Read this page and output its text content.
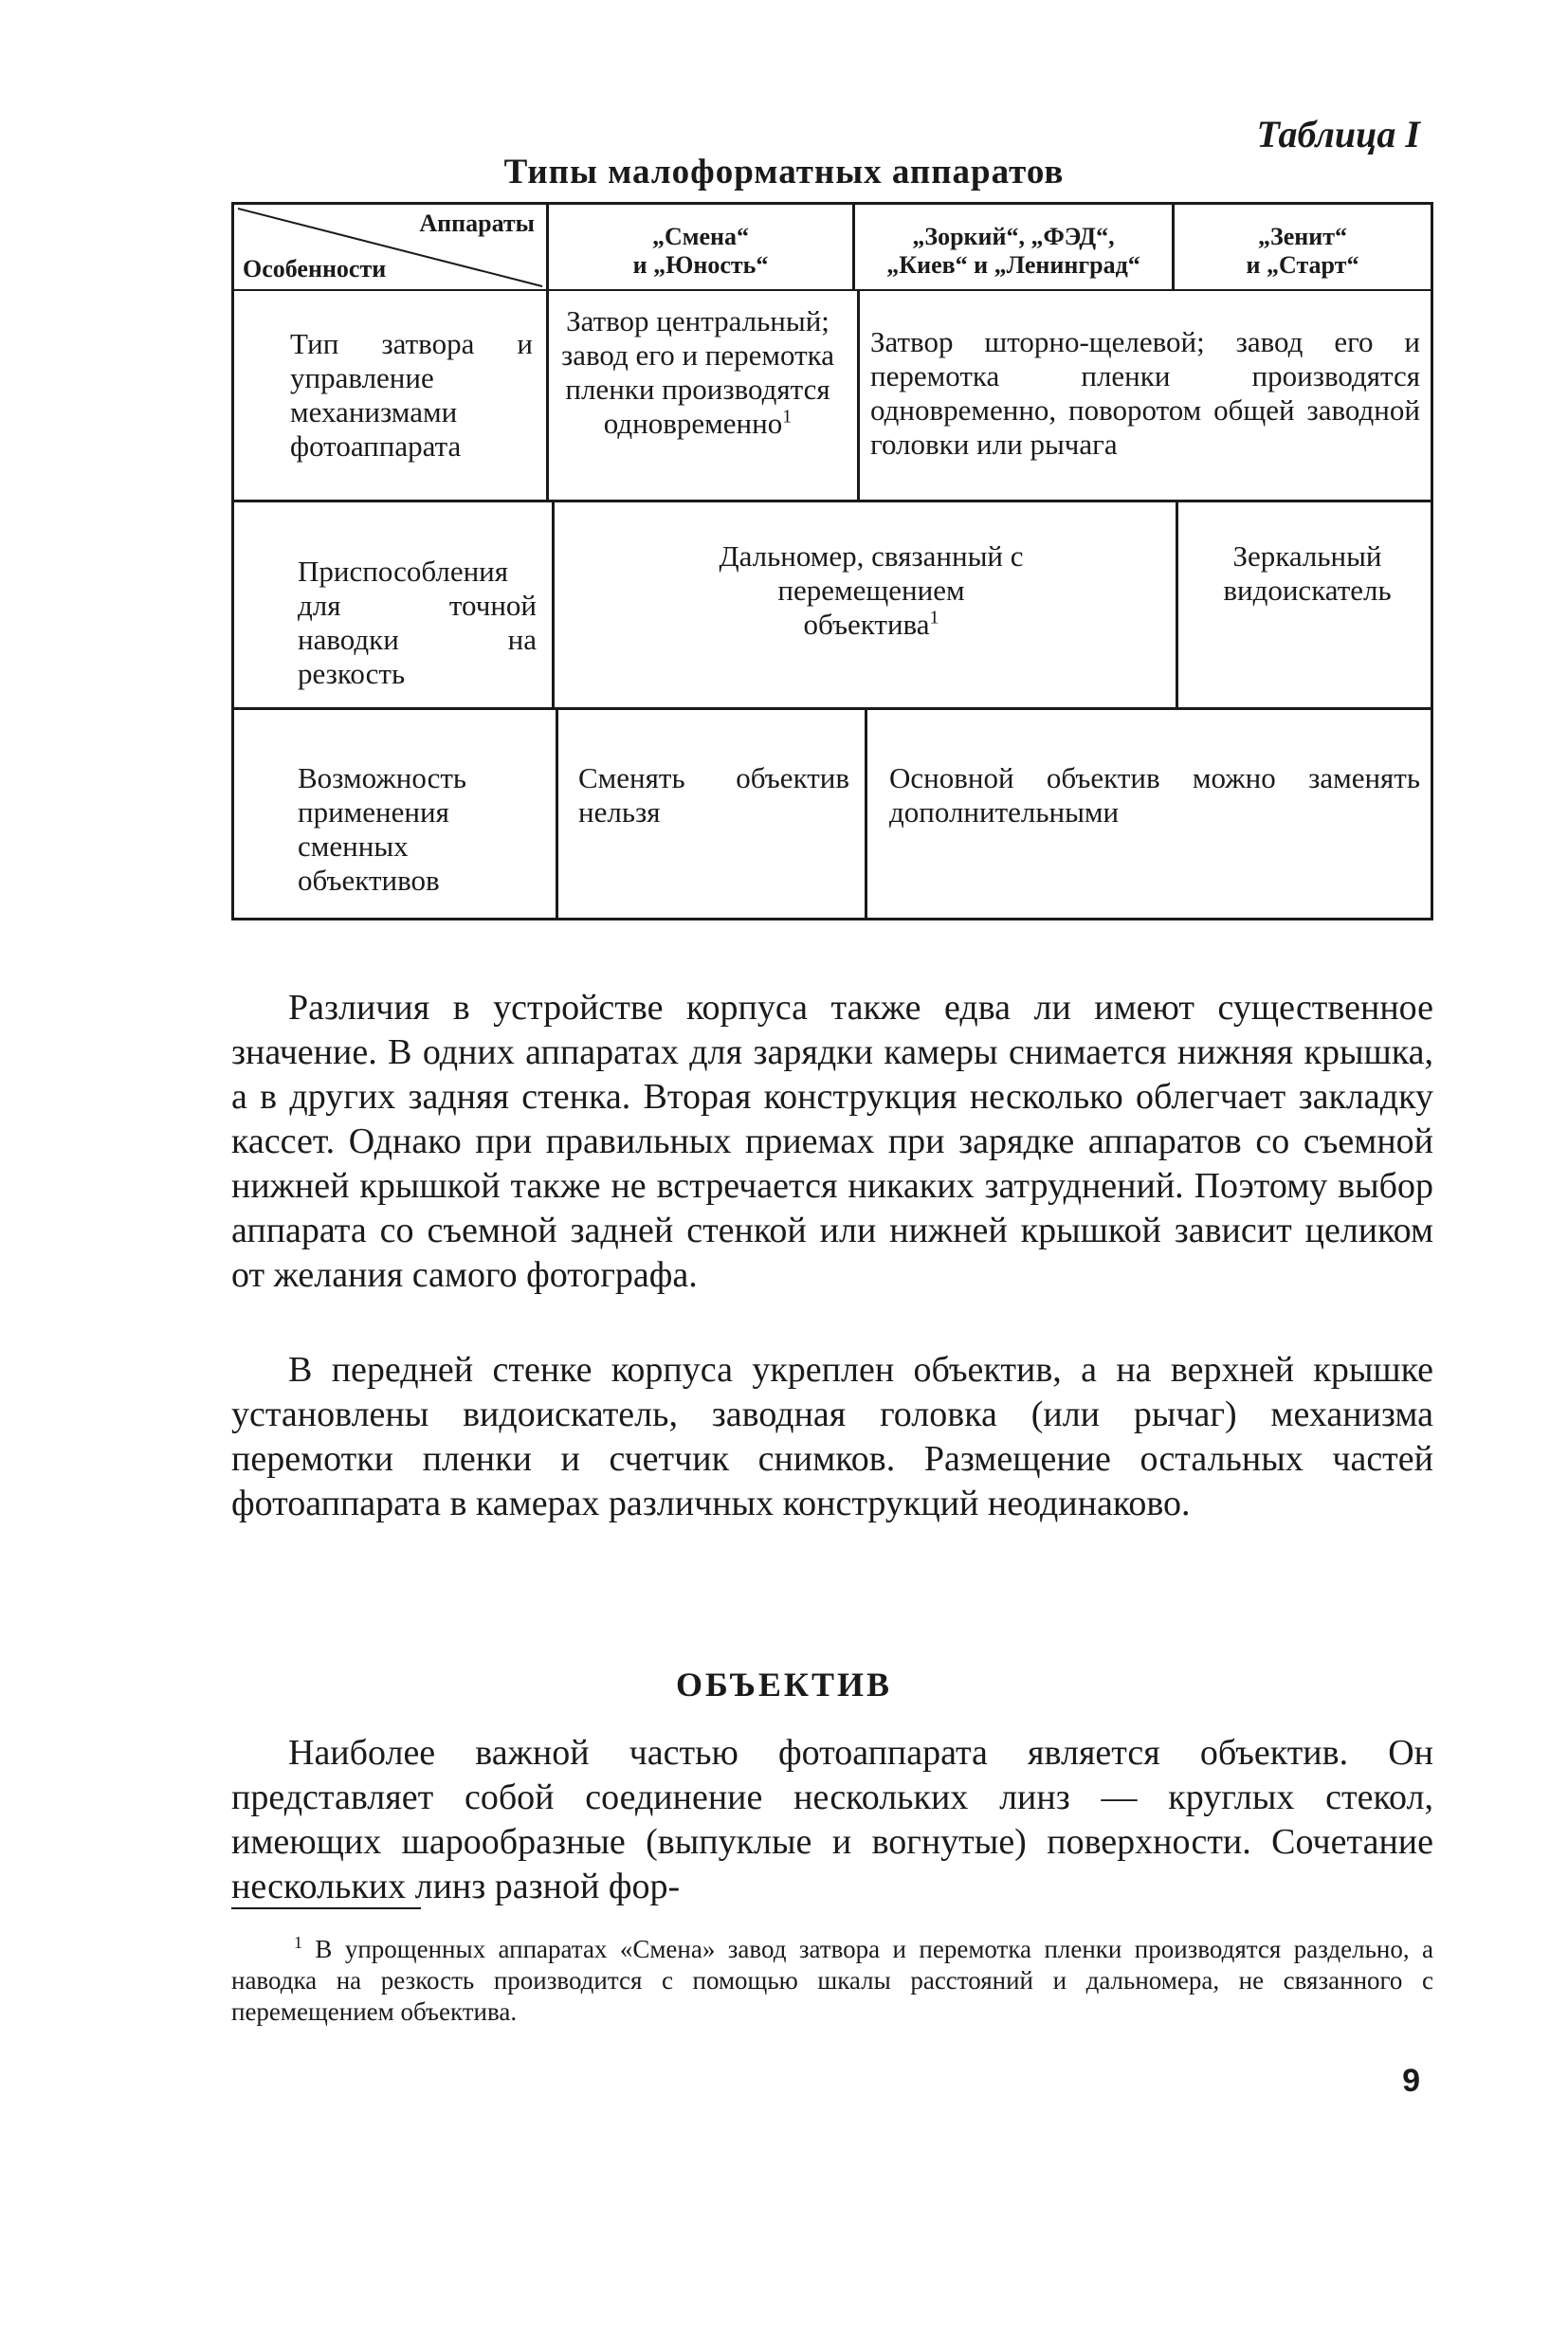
Таблица I
Типы малоформатных аппаратов
Аппараты
Особенности
„Смена“
и „Юность“
„Зоркий“, „ФЭД“,
„Киев“ и „Ленинград“
„Зенит“
и „Старт“
Тип затвора и управление механизмами фотоаппарата
Затвор центральный; завод его и перемотка пленки производятся одновременно$^1$
Затвор шторно-щелевой; завод его и перемотка пленки производятся одновременно, поворотом общей заводной головки или рычага
Приспособления для точной наводки на резкость
Дальномер, связанный с перемещением объектива$^1$
Зеркальный видоискатель
Возможность применения сменных объективов
Сменять объектив нельзя
Основной объектив можно заменять дополнительными
Различия в устройстве корпуса также едва ли имеют существенное значение. В одних аппаратах для зарядки камеры снимается нижняя крышка, а в других задняя стенка. Вторая конструкция несколько облегчает закладку кассет. Однако при правильных приемах при зарядке аппаратов со съемной нижней крышкой также не встречается никаких затруднений. Поэтому выбор аппарата со съемной задней стенкой или нижней крышкой зависит целиком от желания самого фотографа.
В передней стенке корпуса укреплен объектив, а на верхней крышке установлены видоискатель, заводная головка (или рычаг) механизма перемотки пленки и счетчик снимков. Размещение остальных частей фотоаппарата в камерах различных конструкций неодинаково.
ОБЪЕКТИВ
Наиболее важной частью фотоаппарата является объектив. Он представляет собой соединение нескольких линз — круглых стекол, имеющих шарообразные (выпуклые и вогнутые) поверхности. Сочетание нескольких линз разной фор-
$^1$ В упрощенных аппаратах «Смена» завод затвора и перемотка пленки производятся раздельно, а наводка на резкость производится с помощью шкалы расстояний и дальномера, не связанного с перемещением объектива.
9
